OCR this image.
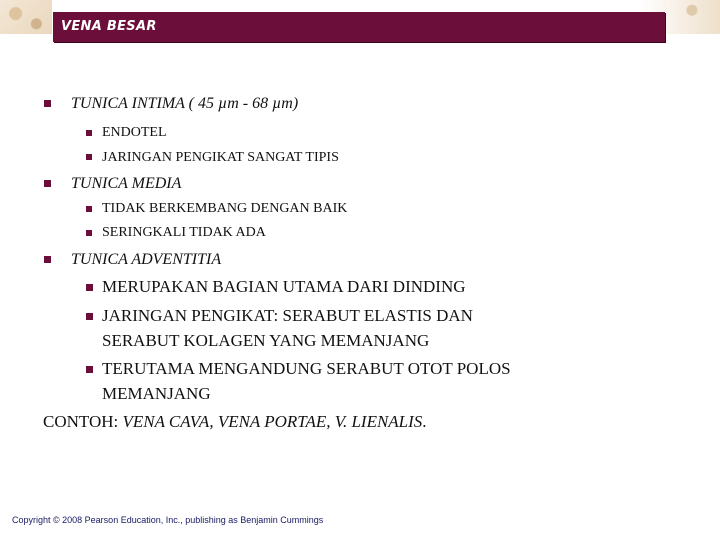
VENA BESAR
TUNICA INTIMA ( 45 µm - 68 µm)
ENDOTEL
JARINGAN PENGIKAT SANGAT TIPIS
TUNICA MEDIA
TIDAK BERKEMBANG DENGAN BAIK
SERINGKALI TIDAK ADA
TUNICA ADVENTITIA
MERUPAKAN BAGIAN UTAMA DARI DINDING
JARINGAN PENGIKAT: SERABUT ELASTIS DAN
SERABUT KOLAGEN YANG MEMANJANG
TERUTAMA MENGANDUNG SERABUT OTOT POLOS
MEMANJANG
CONTOH: VENA CAVA, VENA PORTAE, V. LIENALIS.
Copyright © 2008 Pearson Education, Inc., publishing as Benjamin Cummings
